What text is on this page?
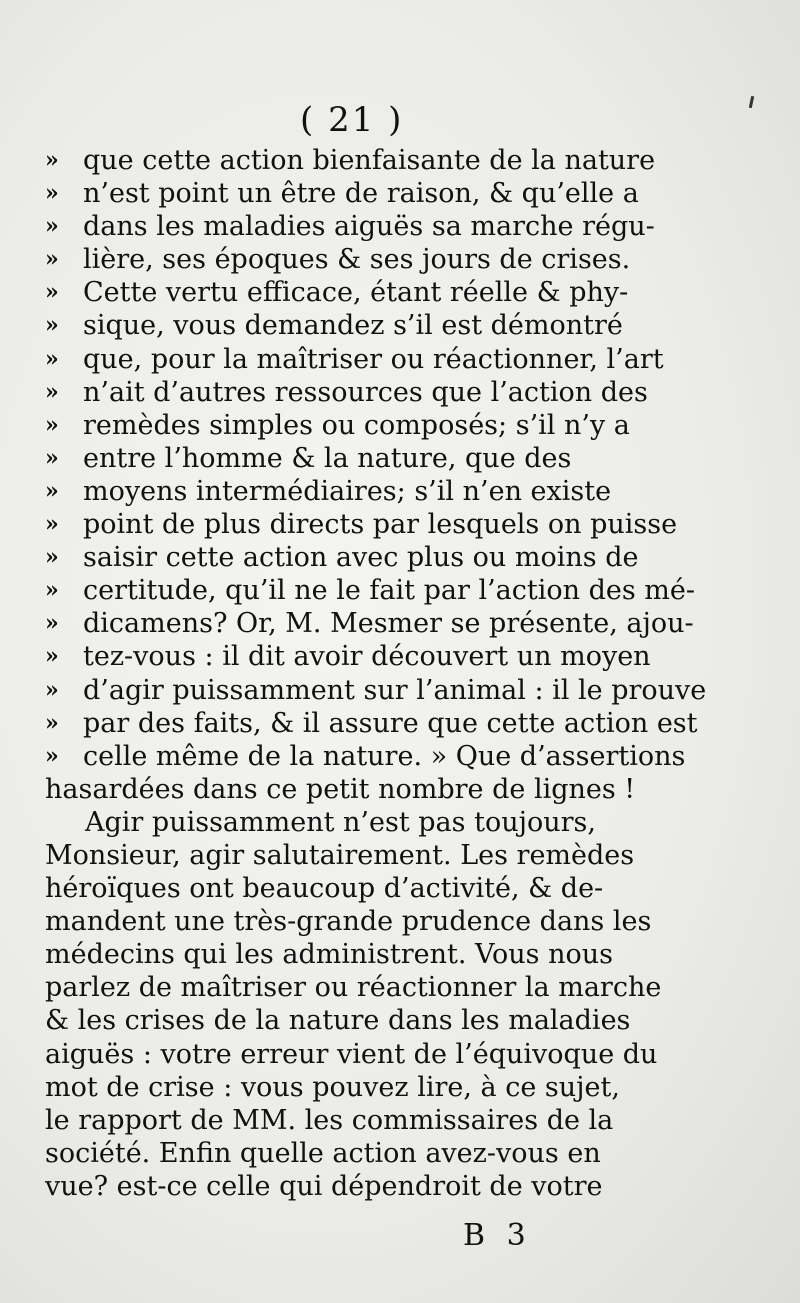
( 21 )
» que cette action bienfaisante de la nature
» n’est point un être de raison, & qu’elle a
» dans les maladies aiguës sa marche régu-
» lière, ses époques & ses jours de crises.
» Cette vertu efficace, étant réelle & phy-
» sique, vous demandez s’il est démontré
» que, pour la maîtriser ou réactionner, l’art
» n’ait d’autres ressources que l’action des
» remèdes simples ou composés; s’il n’y a
» entre l’homme & la nature, que des
» moyens intermédiaires; s’il n’en existe
» point de plus directs par lesquels on puisse
» saisir cette action avec plus ou moins de
» certitude, qu’il ne le fait par l’action des mé-
» dicamens? Or, M. Mesmer se présente, ajou-
» tez-vous : il dit avoir découvert un moyen
» d’agir puissamment sur l’animal : il le prouve
» par des faits, & il assure que cette action est
» celle même de la nature. » Que d’assertions
hasardées dans ce petit nombre de lignes !
Agir puissamment n’est pas toujours,
Monsieur, agir salutairement. Les remèdes
héroïques ont beaucoup d’activité, & de-
mandent une très-grande prudence dans les
médecins qui les administrent. Vous nous
parlez de maîtriser ou réactionner la marche
& les crises de la nature dans les maladies
aiguës : votre erreur vient de l’équivoque du
mot de crise : vous pouvez lire, à ce sujet,
le rapport de MM. les commissaires de la
société. Enfin quelle action avez-vous en
vue? est-ce celle qui dépendroit de votre
B 3
